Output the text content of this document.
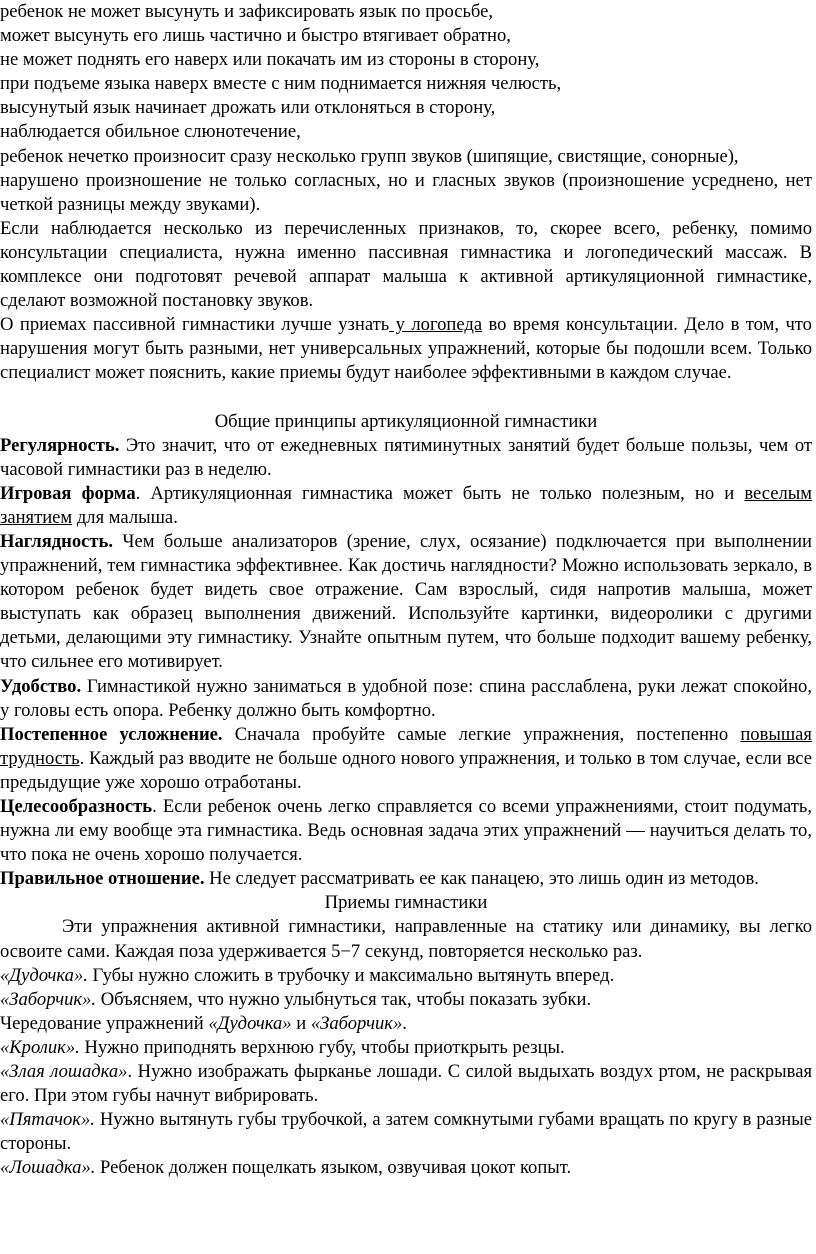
ребенок не может высунуть и зафиксировать язык по просьбе,

может высунуть его лишь частично и быстро втягивает обратно,

не может поднять его наверх или покачать им из стороны в сторону,

при подъеме языка наверх вместе с ним поднимается нижняя челюсть,

высунутый язык начинает дрожать или отклоняться в сторону,

наблюдается обильное слюнотечение,

ребенок нечетко произносит сразу несколько групп звуков (шипящие, свистящие, сонорные),

нарушено произношение не только согласных, но и гласных звуков (произношение усреднено, нет четкой разницы между звуками).

Если наблюдается несколько из перечисленных признаков, то, скорее всего, ребенку, помимо консультации специалиста, нужна именно пассивная гимнастика и логопедический массаж. В комплексе они подготовят речевой аппарат малыша к активной артикуляционной гимнастике, сделают возможной постановку звуков.

О приемах пассивной гимнастики лучше узнать у логопеда во время консультации. Дело в том, что нарушения могут быть разными, нет универсальных упражнений, которые бы подошли всем. Только специалист может пояснить, какие приемы будут наиболее эффективными в каждом случае.

Общие принципы артикуляционной гимнастики

Регулярность. Это значит, что от ежедневных пятиминутных занятий будет больше пользы, чем от часовой гимнастики раз в неделю.

Игровая форма. Артикуляционная гимнастика может быть не только полезным, но и веселым занятием для малыша.

Наглядность. Чем больше анализаторов (зрение, слух, осязание) подключается при выполнении упражнений, тем гимнастика эффективнее. Как достичь наглядности? Можно использовать зеркало, в котором ребенок будет видеть свое отражение. Сам взрослый, сидя напротив малыша, может выступать как образец выполнения движений. Используйте картинки, видеоролики с другими детьми, делающими эту гимнастику. Узнайте опытным путем, что больше подходит вашему ребенку, что сильнее его мотивирует.

Удобство. Гимнастикой нужно заниматься в удобной позе: спина расслаблена, руки лежат спокойно, у головы есть опора. Ребенку должно быть комфортно.

Постепенное усложнение. Сначала пробуйте самые легкие упражнения, постепенно повышая трудность. Каждый раз вводите не больше одного нового упражнения, и только в том случае, если все предыдущие уже хорошо отработаны.

Целесообразность. Если ребенок очень легко справляется со всеми упражнениями, стоит подумать, нужна ли ему вообще эта гимнастика. Ведь основная задача этих упражнений — научиться делать то, что пока не очень хорошо получается.

Правильное отношение. Не следует рассматривать ее как панацею, это лишь один из методов.

Приемы гимнастики

Эти упражнения активной гимнастики, направленные на статику или динамику, вы легко освоите сами. Каждая поза удерживается 5−7 секунд, повторяется несколько раз.

«Дудочка». Губы нужно сложить в трубочку и максимально вытянуть вперед.

«Заборчик». Объясняем, что нужно улыбнуться так, чтобы показать зубки.

Чередование упражнений «Дудочка» и «Заборчик».

«Кролик». Нужно приподнять верхнюю губу, чтобы приоткрыть резцы.

«Злая лошадка». Нужно изображать фырканье лошади. С силой выдыхать воздух ртом, не раскрывая его. При этом губы начнут вибрировать.

«Пятачок». Нужно вытянуть губы трубочкой, а затем сомкнутыми губами вращать по кругу в разные стороны.

«Лошадка». Ребенок должен пощелкать языком, озвучивая цокот копыт.
